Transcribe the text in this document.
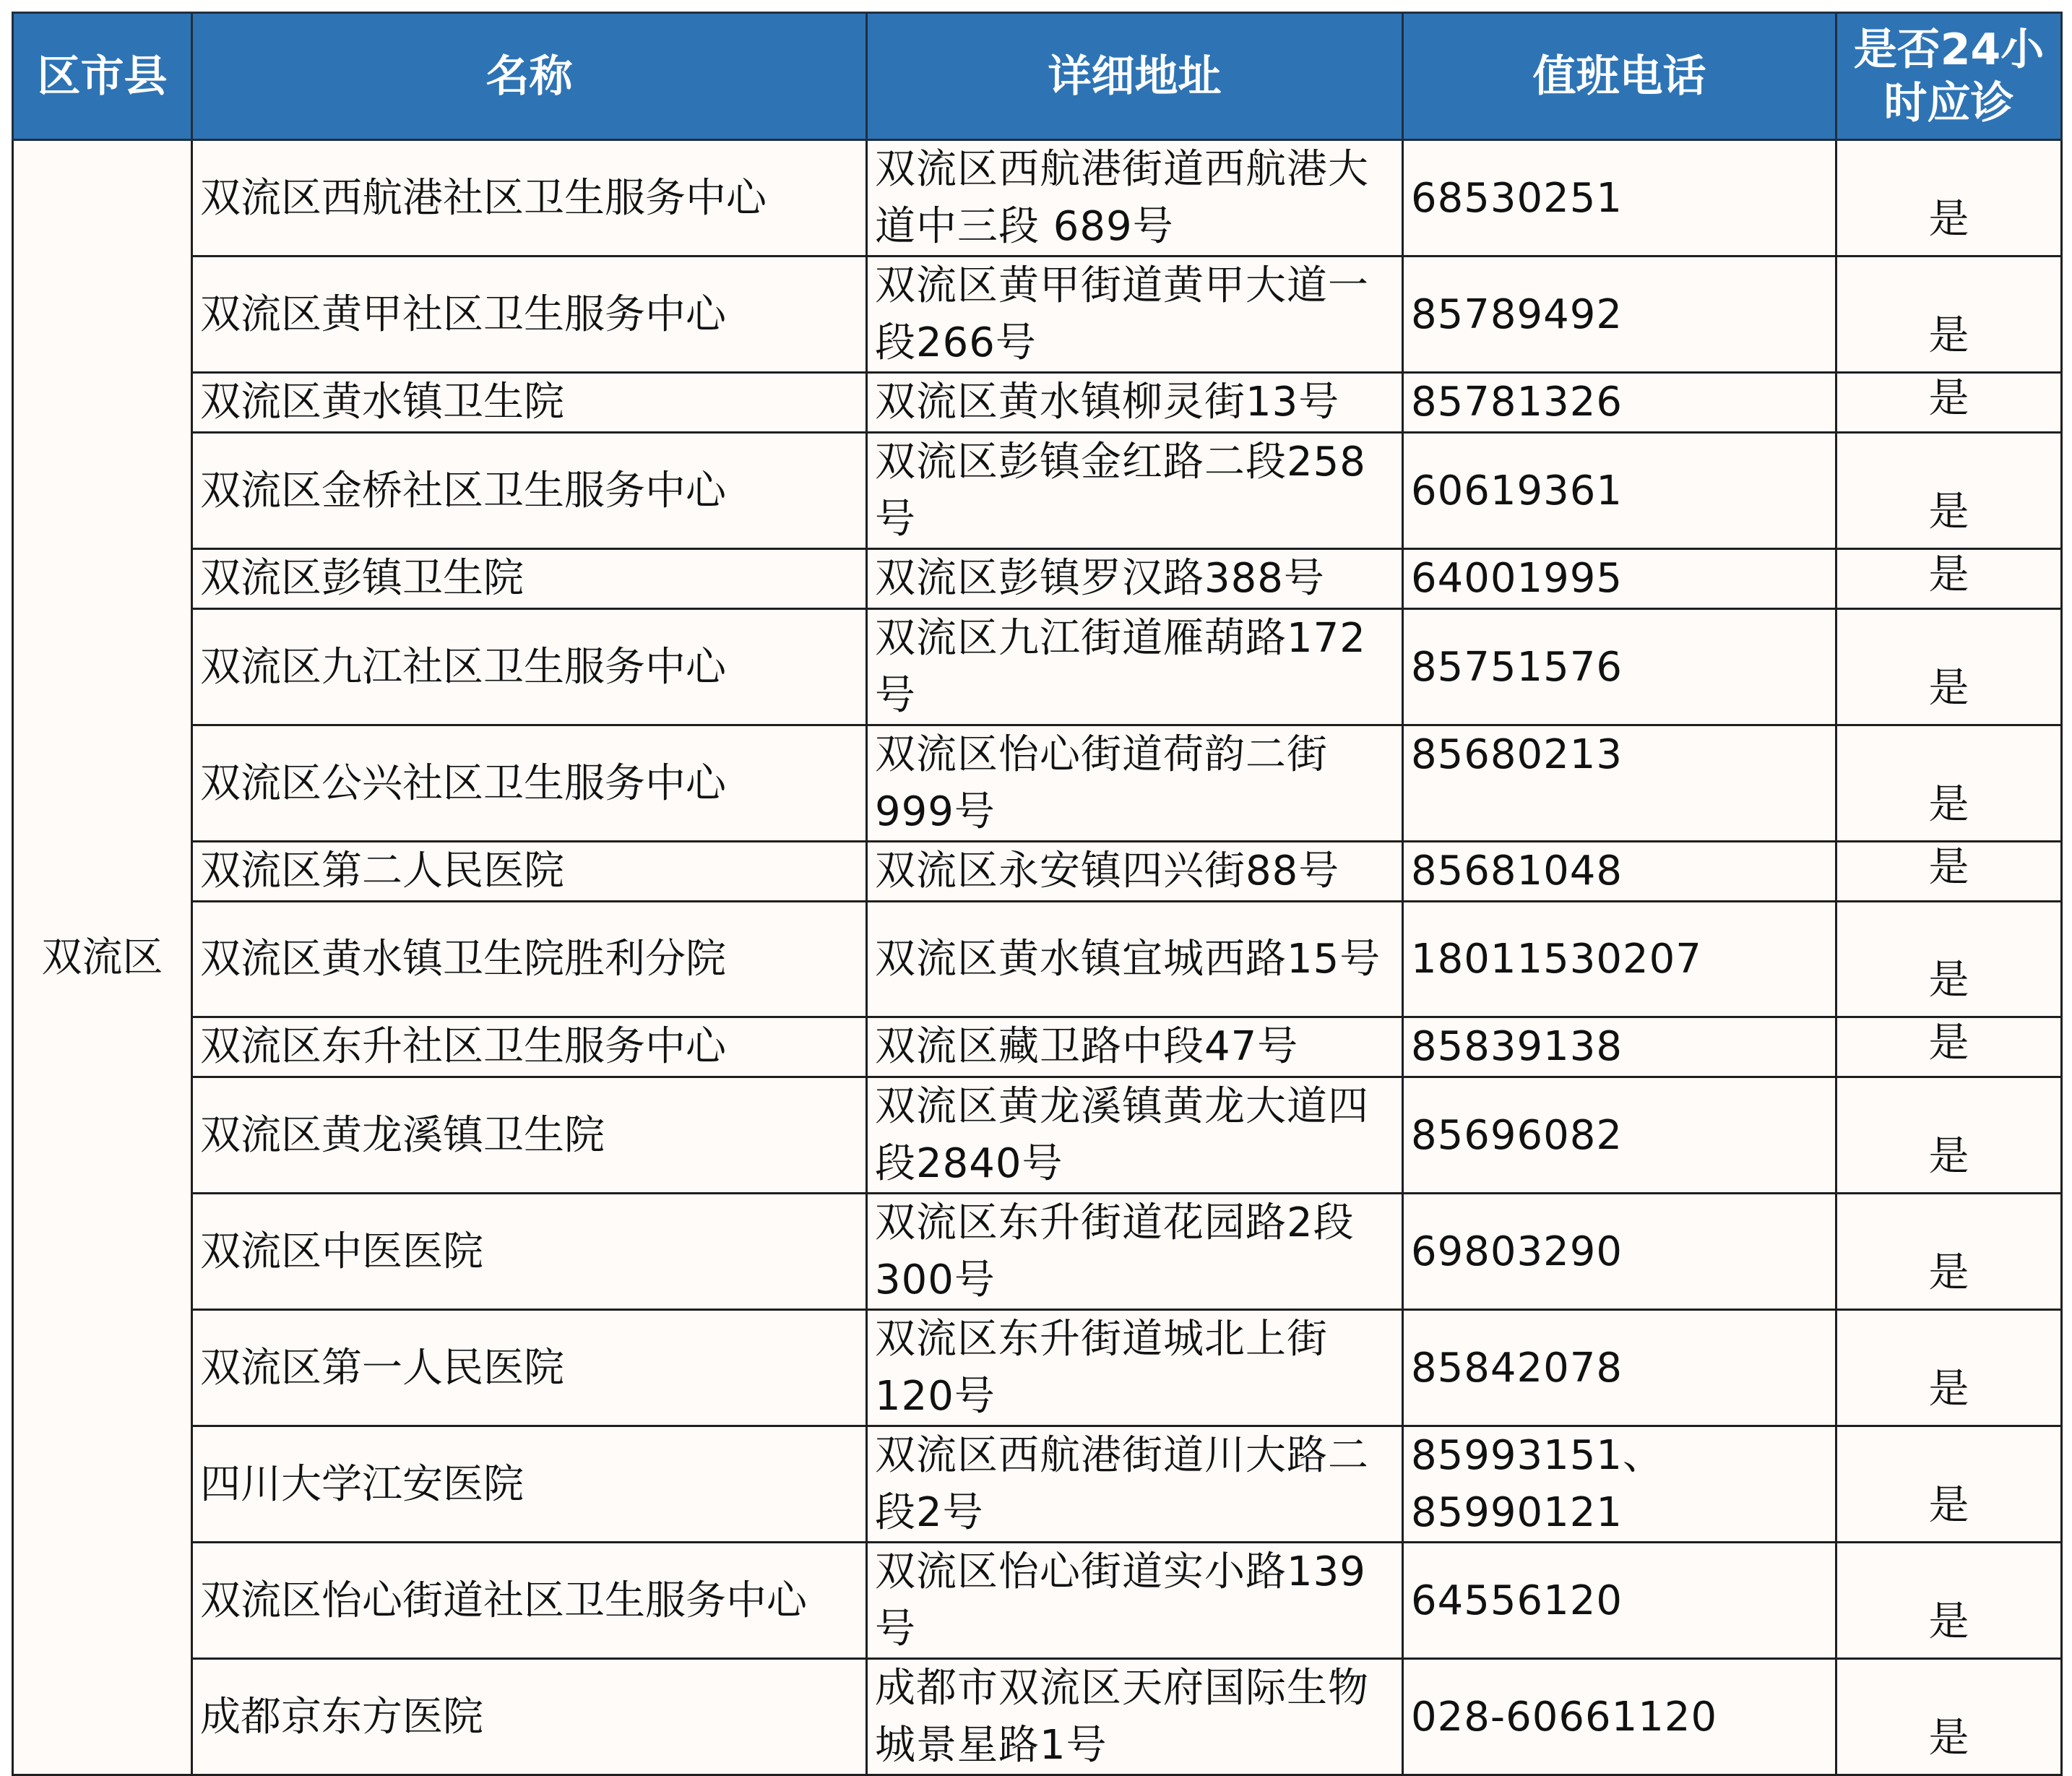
区市县	名称	详细地址	值班电话	是否24小时应诊
双流区	双流区西航港社区卫生服务中心	双流区西航港街道西航港大道中三段 689号	68530251	是
	双流区黄甲社区卫生服务中心	双流区黄甲街道黄甲大道一段266号	85789492	是
	双流区黄水镇卫生院	双流区黄水镇柳灵街13号	85781326	是
	双流区金桥社区卫生服务中心	双流区彭镇金红路二段258号	60619361	是
	双流区彭镇卫生院	双流区彭镇罗汉路388号	64001995	是
	双流区九江社区卫生服务中心	双流区九江街道雁葫路172号	85751576	是
	双流区公兴社区卫生服务中心	双流区怡心街道荷韵二街999号	85680213	是
	双流区第二人民医院	双流区永安镇四兴街88号	85681048	是
	双流区黄水镇卫生院胜利分院	双流区黄水镇宜城西路15号	18011530207	是
	双流区东升社区卫生服务中心	双流区藏卫路中段47号	85839138	是
	双流区黄龙溪镇卫生院	双流区黄龙溪镇黄龙大道四段2840号	85696082	是
	双流区中医医院	双流区东升街道花园路2段300号	69803290	是
	双流区第一人民医院	双流区东升街道城北上街120号	85842078	是
	四川大学江安医院	双流区西航港街道川大路二段2号	85993151、85990121	是
	双流区怡心街道社区卫生服务中心	双流区怡心街道实小路139号	64556120	是
	成都京东方医院	成都市双流区天府国际生物城景星路1号	028-60661120	是
